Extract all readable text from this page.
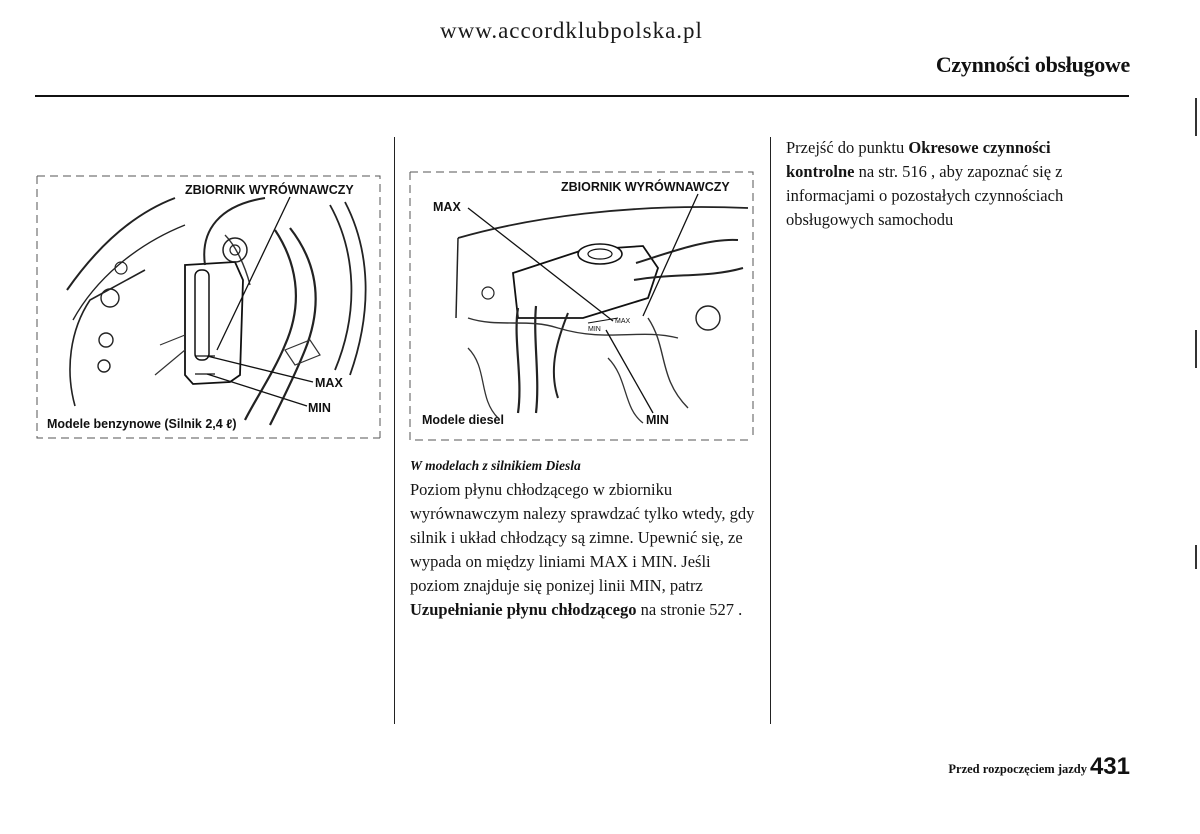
www.accordklubpolska.pl
Czynności obsługowe
ZBIORNIK WYRÓWNAWCZY
MAX
MIN
Modele benzynowe (Silnik 2,4 ℓ)
MIN
MAX
ZBIORNIK WYRÓWNAWCZY
MAX
MIN
Modele diesel
W modelach z silnikiem Diesla
Poziom płynu chłodzącego w zbiorniku wyrównawczym nalezy sprawdzać tylko wtedy, gdy silnik i układ chłodzący są zimne. Upewnić się, ze wypada on między liniami MAX i MIN. Jeśli poziom znajduje się ponizej linii MIN, patrz Uzupełnianie płynu chłodzącego na stronie 527 .
Przejść do punktu Okresowe czynności kontrolne na str. 516 , aby zapoznać się z informacjami o pozostałych czynnościach obsługowych samochodu
Przed rozpoczęciem jazdy 431
